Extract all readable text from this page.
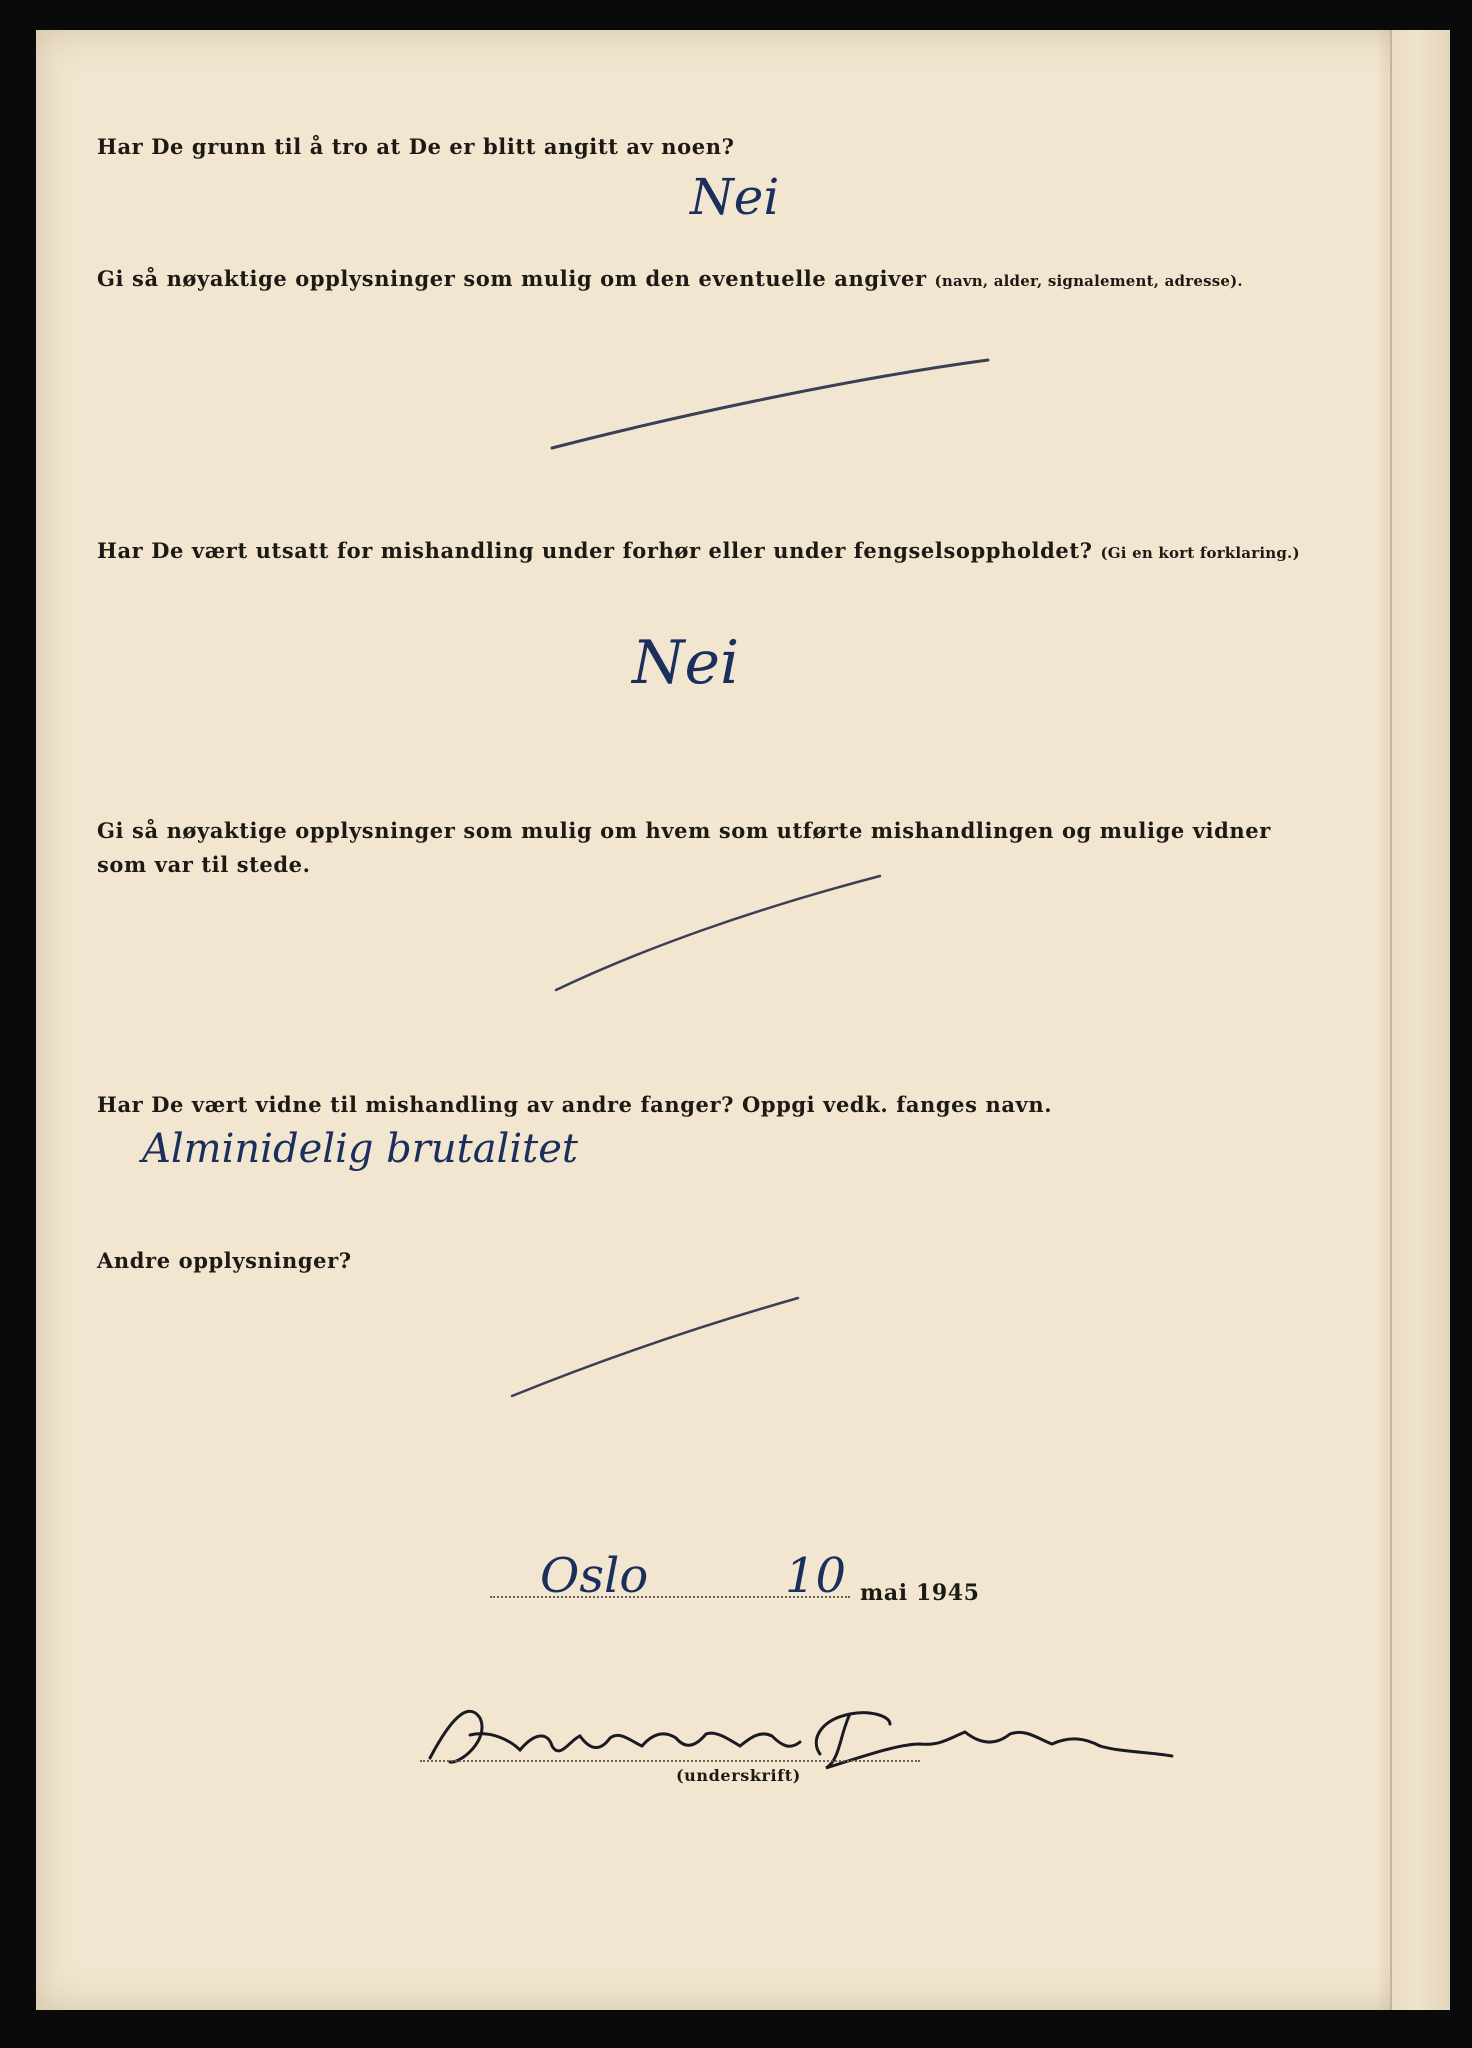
Har De grunn til å tro at De er blitt angitt av noen?
Nei
Gi så nøyaktige opplysninger som mulig om den eventuelle angiver (navn, alder, signalement, adresse).
Har De vært utsatt for mishandling under forhør eller under fengselsoppholdet? (Gi en kort forklaring.)
Nei
Gi så nøyaktige opplysninger som mulig om hvem som utførte mishandlingen og mulige vidner
som var til stede.
Har De vært vidne til mishandling av andre fanger? Oppgi vedk. fanges navn.
Alminidelig brutalitet
Andre opplysninger?
Oslo	10 mai 1945
(underskrift)
